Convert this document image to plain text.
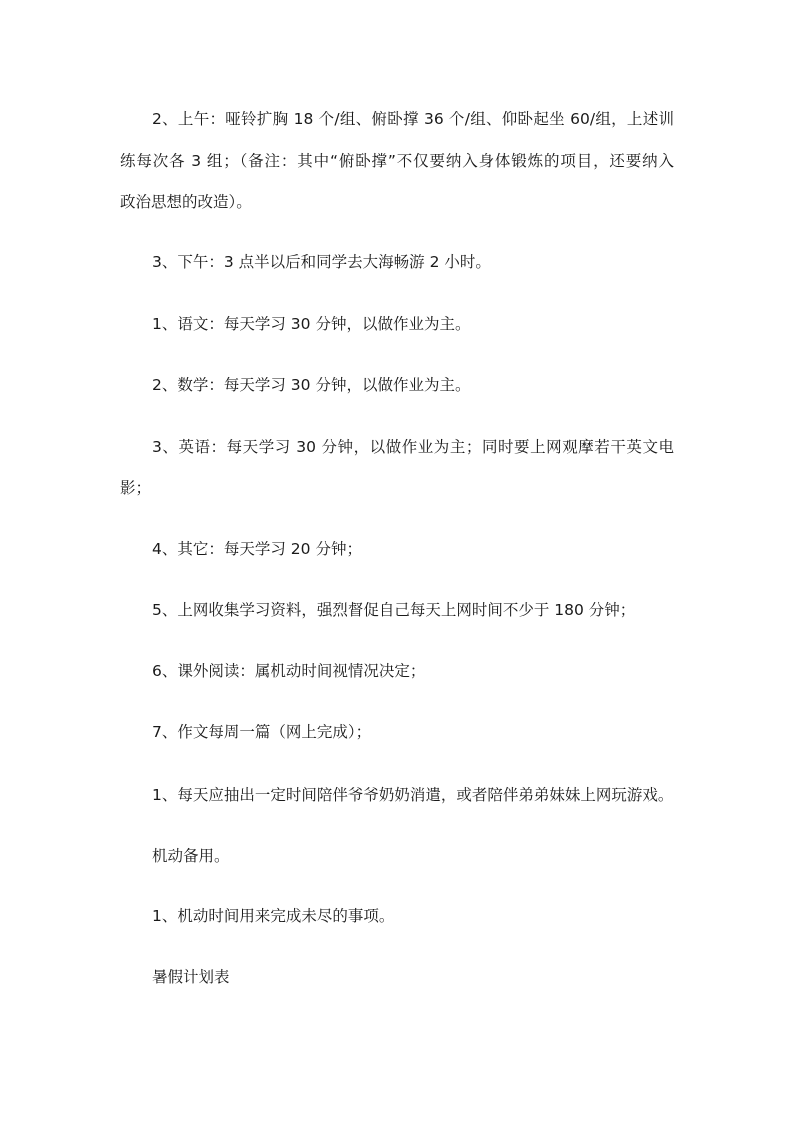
2、上午：哑铃扩胸 18 个/组、俯卧撑 36 个/组、仰卧起坐 60/组，上述训
练每次各 3 组；（备注：其中“俯卧撑”不仅要纳入身体锻炼的项目，还要纳入
政治思想的改造）。
3、下午：3 点半以后和同学去大海畅游 2 小时。
1、语文：每天学习 30 分钟，以做作业为主。
2、数学：每天学习 30 分钟，以做作业为主。
3、英语：每天学习 30 分钟，以做作业为主；同时要上网观摩若干英文电
影；
4、其它：每天学习 20 分钟；
5、上网收集学习资料，强烈督促自己每天上网时间不少于 180 分钟；
6、课外阅读：属机动时间视情况决定；
7、作文每周一篇（网上完成）；
1、每天应抽出一定时间陪伴爷爷奶奶消遣，或者陪伴弟弟妹妹上网玩游戏。
机动备用。
1、机动时间用来完成未尽的事项。
暑假计划表
